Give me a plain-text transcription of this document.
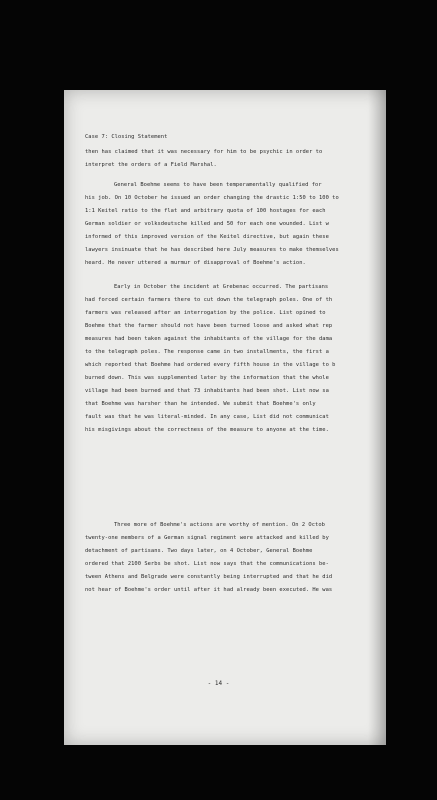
Case 7: Closing Statement
then has claimed that it was necessary for him to be psychic in order to
interpret the orders of a Field Marshal.
General Boehme seems to have been temperamentally qualified for
his job. On 10 October he issued an order changing the drastic 1:50 to 100 to
1:1 Keitel ratio to the flat and arbitrary quota of 100 hostages for each
German soldier or volksdeutsche killed and 50 for each one wounded. List w
informed of this improved version of the Keitel directive, but again these
lawyers insinuate that he has described here July measures to make themselves
heard. He never uttered a murmur of disapproval of Boehme's action.
Early in October the incident at Grebenac occurred. The partisans
had forced certain farmers there to cut down the telegraph poles. One of th
farmers was released after an interrogation by the police. List opined to
Boehme that the farmer should not have been turned loose and asked what rep
measures had been taken against the inhabitants of the village for the dama
to the telegraph poles. The response came in two installments, the first a
which reported that Boehme had ordered every fifth house in the village to b
burned down. This was supplemented later by the information that the whole
village had been burned and that 73 inhabitants had been shot. List now sa
that Boehme was harsher than he intended. We submit that Boehme's only
fault was that he was literal-minded. In any case, List did not communicat
his misgivings about the correctness of the measure to anyone at the time.
Three more of Boehme's actions are worthy of mention. On 2 Octob
twenty-one members of a German signal regiment were attacked and killed by
detachment of partisans. Two days later, on 4 October, General Boehme
ordered that 2100 Serbs be shot. List now says that the communications be-
tween Athens and Belgrade were constantly being interrupted and that he did
not hear of Boehme's order until after it had already been executed. He was
- 14 -
